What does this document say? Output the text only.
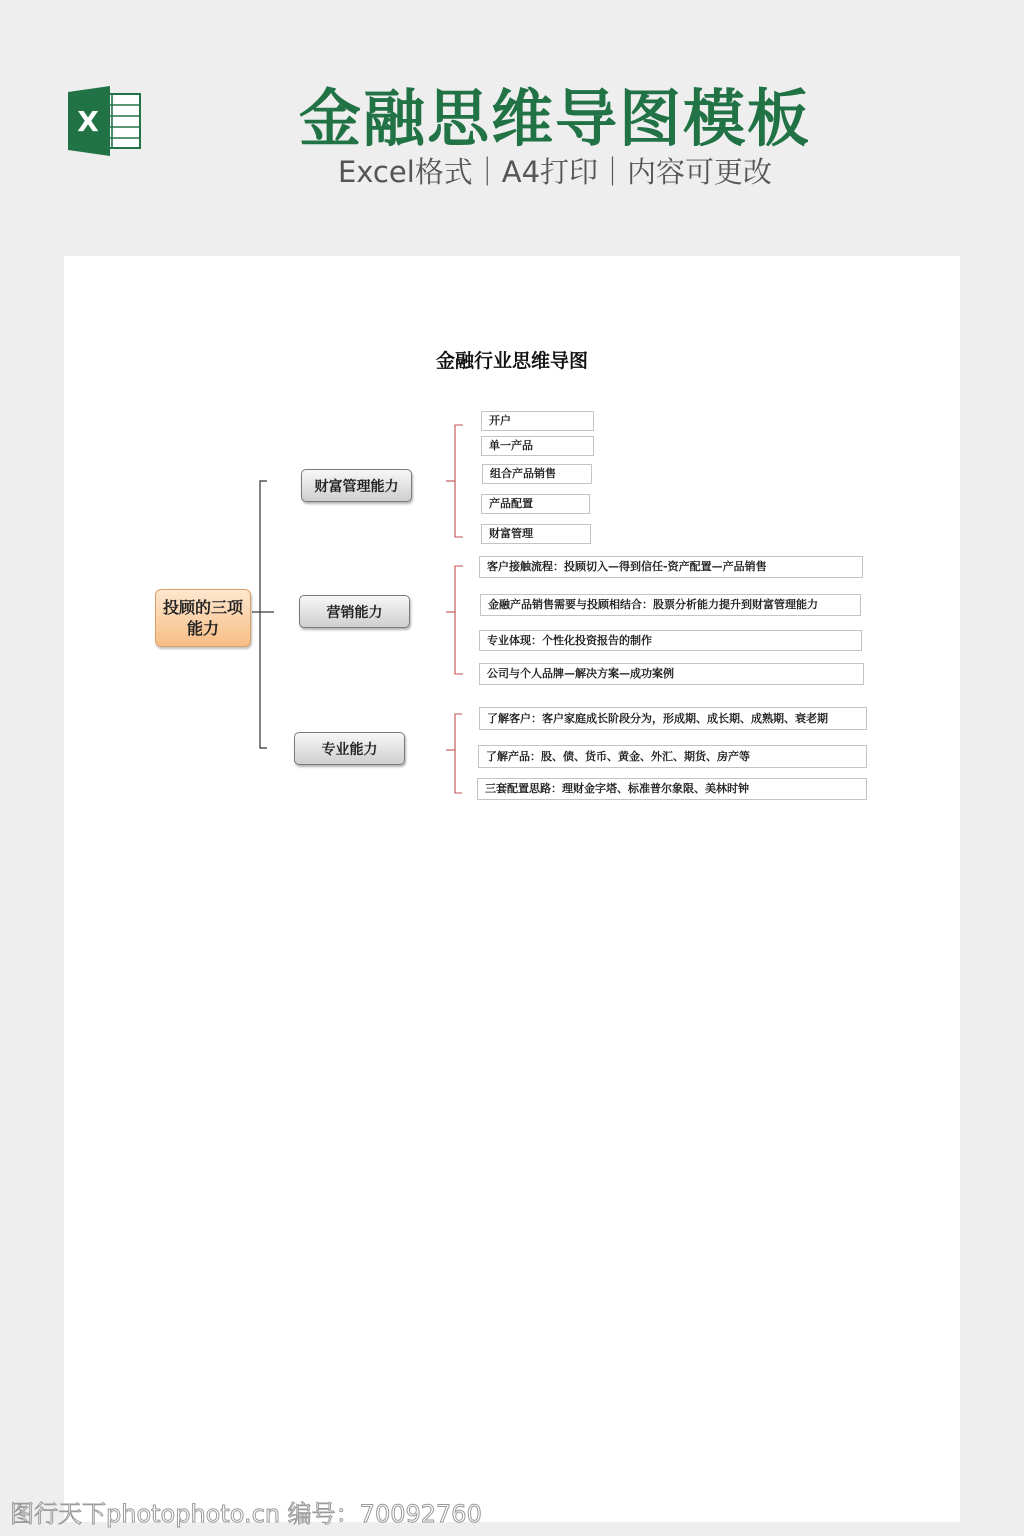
X	金融思维导图模板
Excel格式｜A4打印｜内容可更改
金融行业思维导图
投顾的三项能力
财富管理能力
营销能力
专业能力
开户
单一产品
组合产品销售
产品配置
财富管理
客户接触流程：投顾切入—得到信任-资产配置—产品销售
金融产品销售需要与投顾相结合：股票分析能力提升到财富管理能力
专业体现：个性化投资报告的制作
公司与个人品牌—解决方案—成功案例
了解客户：客户家庭成长阶段分为，形成期、成长期、成熟期、衰老期
了解产品：股、债、货币、黄金、外汇、期货、房产等
三套配置思路：理财金字塔、标准普尔象限、美林时钟
图行天下photophoto.cn 编号：70092760
